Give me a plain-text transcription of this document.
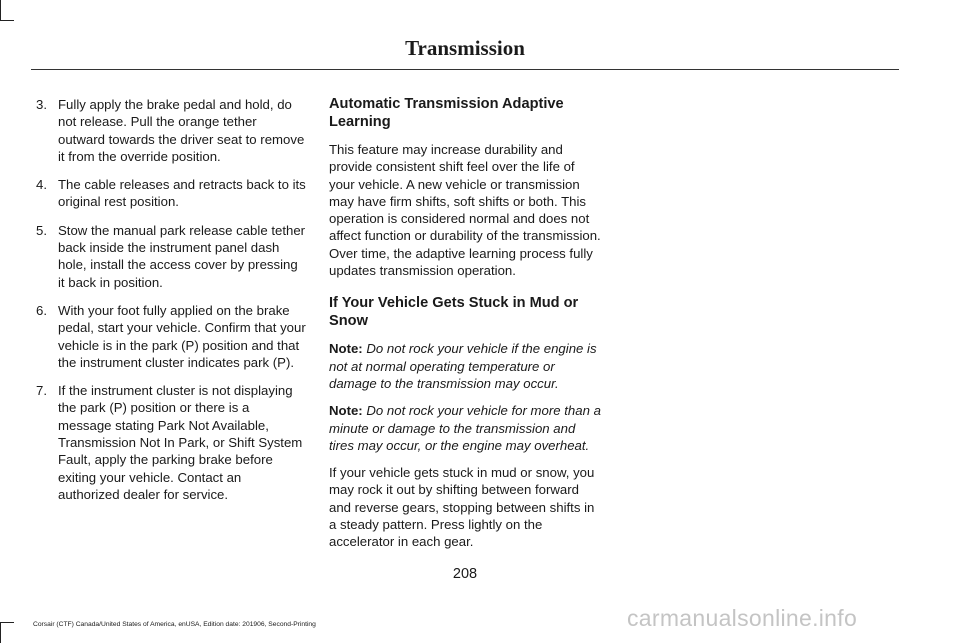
Transmission
3. Fully apply the brake pedal and hold, do not release. Pull the orange tether outward towards the driver seat to remove it from the override position.
4. The cable releases and retracts back to its original rest position.
5. Stow the manual park release cable tether back inside the instrument panel dash hole, install the access cover by pressing it back in position.
6. With your foot fully applied on the brake pedal, start your vehicle. Confirm that your vehicle is in the park (P) position and that the instrument cluster indicates park (P).
7. If the instrument cluster is not displaying the park (P) position or there is a message stating Park Not Available, Transmission Not In Park, or Shift System Fault, apply the parking brake before exiting your vehicle. Contact an authorized dealer for service.
Automatic Transmission Adaptive Learning

This feature may increase durability and provide consistent shift feel over the life of your vehicle. A new vehicle or transmission may have firm shifts, soft shifts or both. This operation is considered normal and does not affect function or durability of the transmission. Over time, the adaptive learning process fully updates transmission operation.

If Your Vehicle Gets Stuck in Mud or Snow

Note: Do not rock your vehicle if the engine is not at normal operating temperature or damage to the transmission may occur.

Note: Do not rock your vehicle for more than a minute or damage to the transmission and tires may occur, or the engine may overheat.

If your vehicle gets stuck in mud or snow, you may rock it out by shifting between forward and reverse gears, stopping between shifts in a steady pattern. Press lightly on the accelerator in each gear.

208
Corsair (CTF) Canada/United States of America, enUSA, Edition date: 201906, Second-Printing	carmanualsonline.info
